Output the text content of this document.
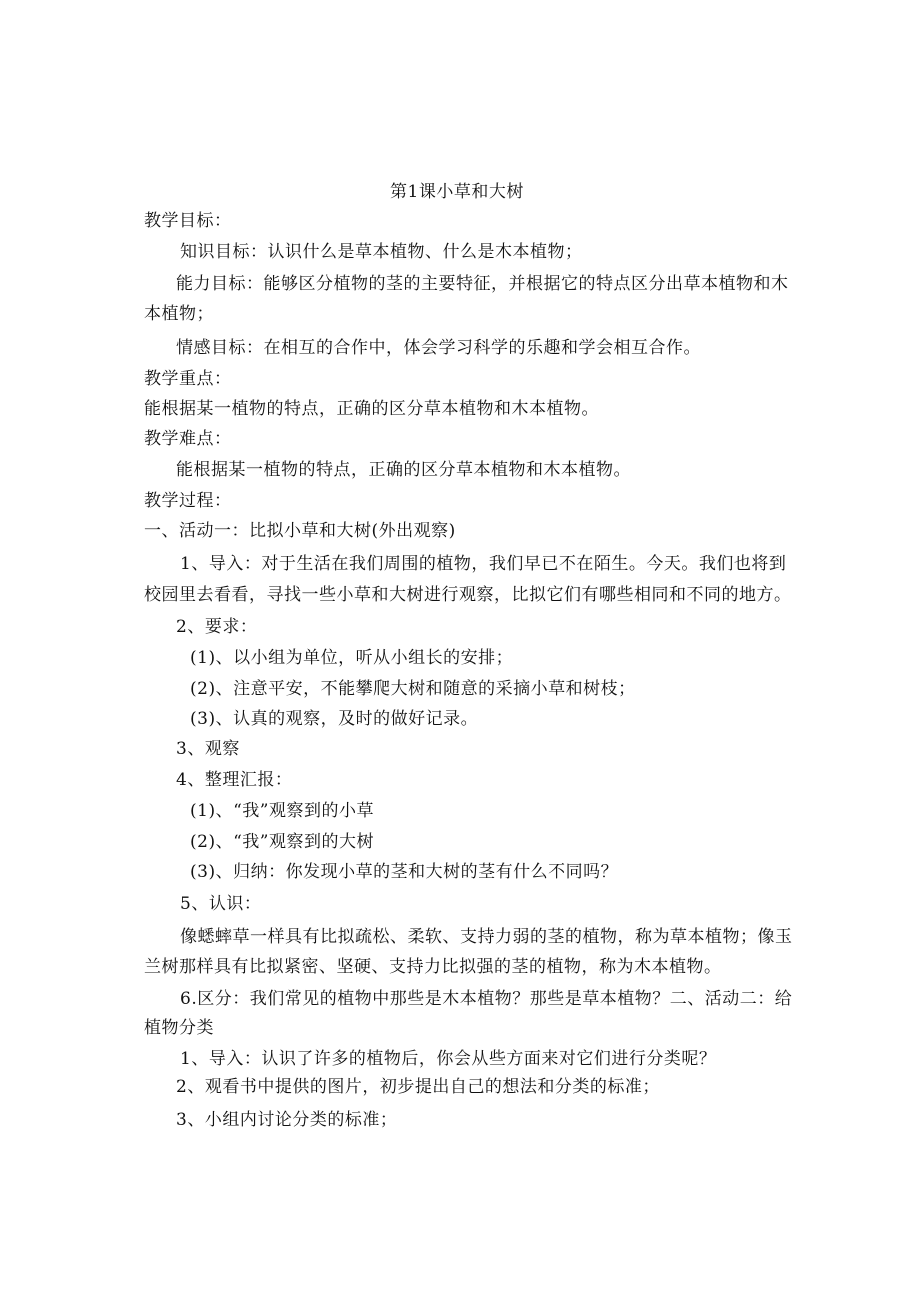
第1课小草和大树
教学目标：
知识目标：认识什么是草本植物、什么是木本植物；
能力目标：能够区分植物的茎的主要特征，并根据它的特点区分出草本植物和木
本植物；
情感目标：在相互的合作中，体会学习科学的乐趣和学会相互合作。
教学重点：
能根据某一植物的特点，正确的区分草本植物和木本植物。
教学难点：
能根据某一植物的特点，正确的区分草本植物和木本植物。
教学过程：
一、活动一：比拟小草和大树(外出观察)
1、导入：对于生活在我们周围的植物，我们早已不在陌生。今天。我们也将到
校园里去看看，寻找一些小草和大树进行观察，比拟它们有哪些相同和不同的地方。
2、要求：
(1)、以小组为单位，听从小组长的安排；
(2)、注意平安，不能攀爬大树和随意的采摘小草和树枝；
(3)、认真的观察，及时的做好记录。
3、观察
4、整理汇报：
(1)、“我”观察到的小草
(2)、“我”观察到的大树
(3)、归纳：你发现小草的茎和大树的茎有什么不同吗？
5、认识：
像蟋蟀草一样具有比拟疏松、柔软、支持力弱的茎的植物，称为草本植物；像玉
兰树那样具有比拟紧密、坚硬、支持力比拟强的茎的植物，称为木本植物。
6.区分：我们常见的植物中那些是木本植物？那些是草本植物？二、活动二：给
植物分类
1、导入：认识了许多的植物后，你会从些方面来对它们进行分类呢？
2、观看书中提供的图片，初步提出自己的想法和分类的标准；
3、小组内讨论分类的标准；
